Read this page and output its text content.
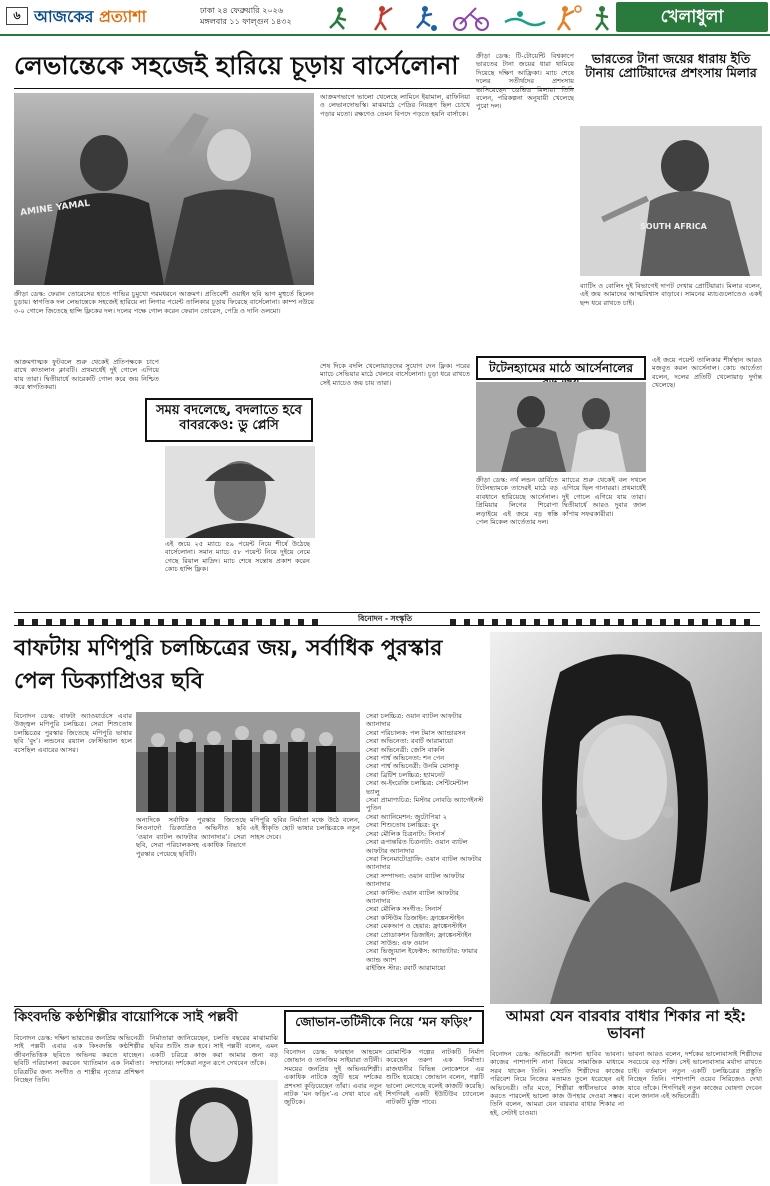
৬ আজকের প্রত্যাশা	ঢাকা ২৪ ফেব্রুয়ারি ২০২৬
মঙ্গলবার ১১ ফাল্গুন ১৪৩২	খেলাধুলা
লেভান্তেকে সহজেই হারিয়ে চূড়ায় বার্সেলোনা
AMINE YAMAL
ক্রীড়া ডেস্ক: ফেরান তোরেসের হাতে গাভির চুমুখো গরমধরনে আক্রমণ। প্রতিবেশী ওয়াইন ছবি ভাগ মুহুর্তে ছিলেন চুড়ায়। স্বাগতিক দল লেভান্তেকে সহজেই হারিয়ে লা লিগার পয়েন্ট তালিকার চূড়ায় ফিরেছে বার্সেলোনা। কাম্প নউয়ে ৩-০ গোলে জিতেছে হান্সি ফ্লিকের দল। দলের পক্ষে গোল করেন ফেরান তোরেস, পেদ্রি ও দানি ওলমো।
আক্রমণাত্মক ফুটবলে শুরু থেকেই প্রতিপক্ষকে চাপে রাখে কাতালান ক্লাবটি। প্রথমার্ধেই দুই গোলে এগিয়ে যায় তারা। দ্বিতীয়ার্ধে আরেকটি গোল করে জয় নিশ্চিত করে স্বাগতিকরা।
এই জয়ে ২৫ ম্যাচে ৫৯ পয়েন্ট নিয়ে শীর্ষে উঠেছে বার্সেলোনা। সমান ম্যাচে ৫৮ পয়েন্ট নিয়ে দুইয়ে নেমে গেছে রিয়াল মাদ্রিদ। ম্যাচ শেষে সন্তোষ প্রকাশ করেন কোচ হান্সি ফ্লিক।
আক্রমণভাগে ভালো খেলেছে লামিনে ইয়ামাল, রাফিনিয়া ও লেভানদোভস্কি। মাঝমাঠে পেদ্রির নিয়ন্ত্রণ ছিল চোখে পড়ার মতো। রক্ষণেও তেমন বিপদে পড়তে হয়নি বার্সাকে।
শেষ দিকে বদলি খেলোয়াড়দের সুযোগ দেন ফ্লিক। পরের ম্যাচে সেভিয়ার মাঠে খেলবে বার্সেলোনা। চূড়া ধরে রাখতে সেই ম্যাচেও জয় চায় তারা।
সময় বদলেছে, বদলাতে হবে বাবরকেও: ডু প্লেসি
ভারতের টানা জয়ের ধারায় ইতি টানায় প্রোটিয়াদের প্রশংসায় মিলার
ক্রীড়া ডেস্ক: টি-টোয়েন্টি বিশ্বকাপে ভারতের টানা জয়ের ধারা থামিয়ে দিয়েছে দক্ষিণ আফ্রিকা। ম্যাচ শেষে দলের সতীর্থদের প্রশংসায় ভাসিয়েছেন ডেভিড মিলার। তিনি বলেন, পরিকল্পনা অনুযায়ী খেলেছে পুরো দল।
SOUTH AFRICA
ব্যাটিং ও বোলিং দুই বিভাগেই দাপট দেখায় প্রোটিয়ারা। মিলার বলেন, এই জয় আমাদের আত্মবিশ্বাস বাড়াবে। সামনের ম্যাচগুলোতেও একই ছন্দ ধরে রাখতে চাই।
টটেনহ্যামের মাঠে আর্সেনালের
ক্রীড়া ডেস্ক: নর্থ লন্ডন ডার্বিতে টটেনহ্যামকে তাদেরই মাঠে বড় ব্যবধানে হারিয়েছে আর্সেনাল। প্রিমিয়ার লিগের শিরোপা লড়াইয়ে এই জয়ে বড় স্বস্তি পেল মিকেল আর্তেতার দল।
ম্যাচের শুরু থেকেই বল দখলে এগিয়ে ছিল গানাররা। প্রথমার্ধেই দুই গোলে এগিয়ে যায় তারা। দ্বিতীয়ার্ধে আরও দুবার জাল কাঁপায় সফরকারীরা।
এই জয়ে পয়েন্ট তালিকার শীর্ষস্থান আরও মজবুত করল আর্সেনাল। কোচ আর্তেতা বলেন, দলের প্রতিটি খেলোয়াড় দুর্দান্ত খেলেছে।
বিনোদন - সংস্কৃতি
বাফটায় মণিপুরি চলচ্চিত্রের জয়, সর্বাধিক পুরস্কার পেল ডিক্যাপ্রিওর ছবি
বিনোদন ডেস্ক: বাফটা অ্যাওয়ার্ডসে এবার উজ্জ্বল মণিপুরি চলচ্চিত্র। সেরা শিশুতোষ চলচ্চিত্রের পুরস্কার জিতেছে মণিপুরি ভাষার ছবি ‘বুং’। লন্ডনের রয়্যাল ফেস্টিভ্যাল হলে বসেছিল এবারের আসর।
অন্যদিকে সর্বাধিক পুরস্কার জিতেছে লিওনার্দো ডিক্যাপ্রিও অভিনীত ছবি ‘ওয়ান ব্যাটল আফটার অ্যানাদার’। সেরা ছবি, সেরা পরিচালকসহ একাধিক বিভাগে পুরস্কার পেয়েছে ছবিটি।
মণিপুরি ছবির নির্মাতা মঞ্চে উঠে বলেন, এই স্বীকৃতি ছোট ভাষার চলচ্চিত্রকে নতুন সাহস দেবে।
সেরা চলচ্চিত্র: ওয়ান ব্যাটল আফটার অ্যানাদার
সেরা পরিচালক: পল টমাস অ্যান্ডারসন
সেরা অভিনেতা: রবার্ট আরামায়ো
সেরা অভিনেত্রী: জেসি বাকলি
সেরা পার্শ্ব অভিনেতা: শন পেন
সেরা পার্শ্ব অভিনেত্রী: উনমি মোসাকু
সেরা ব্রিটিশ চলচ্চিত্র: হ্যামনেট
সেরা অ-ইংরেজি চলচ্চিত্র: সেন্টিমেন্টাল ভ্যালু
সেরা প্রামাণ্যচিত্র: মিস্টার নোবডি অ্যাগেইনস্ট পুতিন
সেরা অ্যানিমেশন: জুটোপিয়া ২
সেরা শিশুতোষ চলচ্চিত্র: বুং
সেরা মৌলিক চিত্রনাট্য: সিনার্স
সেরা রূপান্তরিত চিত্রনাট্য: ওয়ান ব্যাটল আফটার অ্যানাদার
সেরা সিনেমাটোগ্রাফি: ওয়ান ব্যাটল আফটার অ্যানাদার
সেরা সম্পাদনা: ওয়ান ব্যাটল আফটার অ্যানাদার
সেরা কাস্টিং: ওয়ান ব্যাটল আফটার অ্যানাদার
সেরা মৌলিক সংগীত: সিনার্স
সেরা কস্টিউম ডিজাইন: ফ্রাঙ্কেনস্টাইন
সেরা মেকআপ ও হেয়ার: ফ্রাঙ্কেনস্টাইন
সেরা প্রোডাকশন ডিজাইন: ফ্রাঙ্কেনস্টাইন
সেরা সাউন্ড: এফ ওয়ান
সেরা ভিজ্যুয়াল ইফেক্টস: অ্যাভাটার: ফায়ার অ্যান্ড অ্যাশ
রাইজিং স্টার: রবার্ট আরামায়ো
আমরা যেন বারবার বাধার শিকার না হই: ভাবনা
কিংবদন্তি কণ্ঠশিল্পীর বায়োপিকে সাই পল্লবী
বিনোদন ডেস্ক: দক্ষিণ ভারতের জনপ্রিয় অভিনেত্রী সাই পল্লবী এবার এক কিংবদন্তি কণ্ঠশিল্পীর জীবনভিত্তিক ছবিতে অভিনয় করতে যাচ্ছেন। ছবিটি পরিচালনা করবেন খ্যাতিমান এক নির্মাতা। চরিত্রটির জন্য সংগীত ও শাস্ত্রীয় নৃত্যের প্রশিক্ষণ নিচ্ছেন তিনি।
নির্মাতারা জানিয়েছেন, চলতি বছরের মাঝামাঝি ছবির শুটিং শুরু হবে। সাই পল্লবী বলেন, এমন একটি চরিত্রে কাজ করা আমার জন্য বড় সম্মানের। দর্শকেরা নতুন রূপে দেখবেন তাঁকে।
জোভান-তটিনীকে নিয়ে ‘মন ফড়িং’
বিনোদন ডেস্ক: ফারহান আহমেদ জোভান ও তানজিম সাইয়ারা তটিনী। সময়ের জনপ্রিয় দুই অভিনয়শিল্পী। একাধিক নাটকে জুটি হয়ে দর্শকের প্রশংসা কুড়িয়েছেন তাঁরা। এবার নতুন নাটক ‘মন ফড়িং’-এ দেখা যাবে এই জুটিকে।
রোমান্টিক গল্পের নাটকটি নির্মাণ করেছেন তরুণ এক নির্মাতা। রাজধানীর বিভিন্ন লোকেশনে এর শুটিং হয়েছে। জোভান বলেন, গল্পটি ভালো লেগেছে বলেই কাজটি করেছি। শিগগিরই একটি ইউটিউব চ্যানেলে নাটকটি মুক্তি পাবে।
বিনোদন ডেস্ক: অভিনেত্রী আশনা হাবিব ভাবনা। কাজের পাশাপাশি নানা বিষয়ে সামাজিক মাধ্যমে সরব থাকেন তিনি। সম্প্রতি শিল্পীদের কাজের পরিবেশ নিয়ে নিজের মতামত তুলে ধরেছেন এই অভিনেত্রী। তাঁর মতে, শিল্পীরা স্বাধীনভাবে কাজ করতে পারলেই ভালো কাজ উপহার দেওয়া সম্ভব। তিনি বলেন, আমরা যেন বারবার বাধার শিকার না হই, সেটাই চাওয়া।
ভাবনা আরও বলেন, দর্শকের ভালোবাসাই শিল্পীদের সবচেয়ে বড় শক্তি। সেই ভালোবাসার মর্যাদা রাখতে চাই। বর্তমানে নতুন একটি চলচ্চিত্রের প্রস্তুতি নিচ্ছেন তিনি। পাশাপাশি ওয়েব সিরিজেও দেখা যাবে তাঁকে। শিগগিরই নতুন কাজের ঘোষণা দেবেন বলে জানান এই অভিনেত্রী।
